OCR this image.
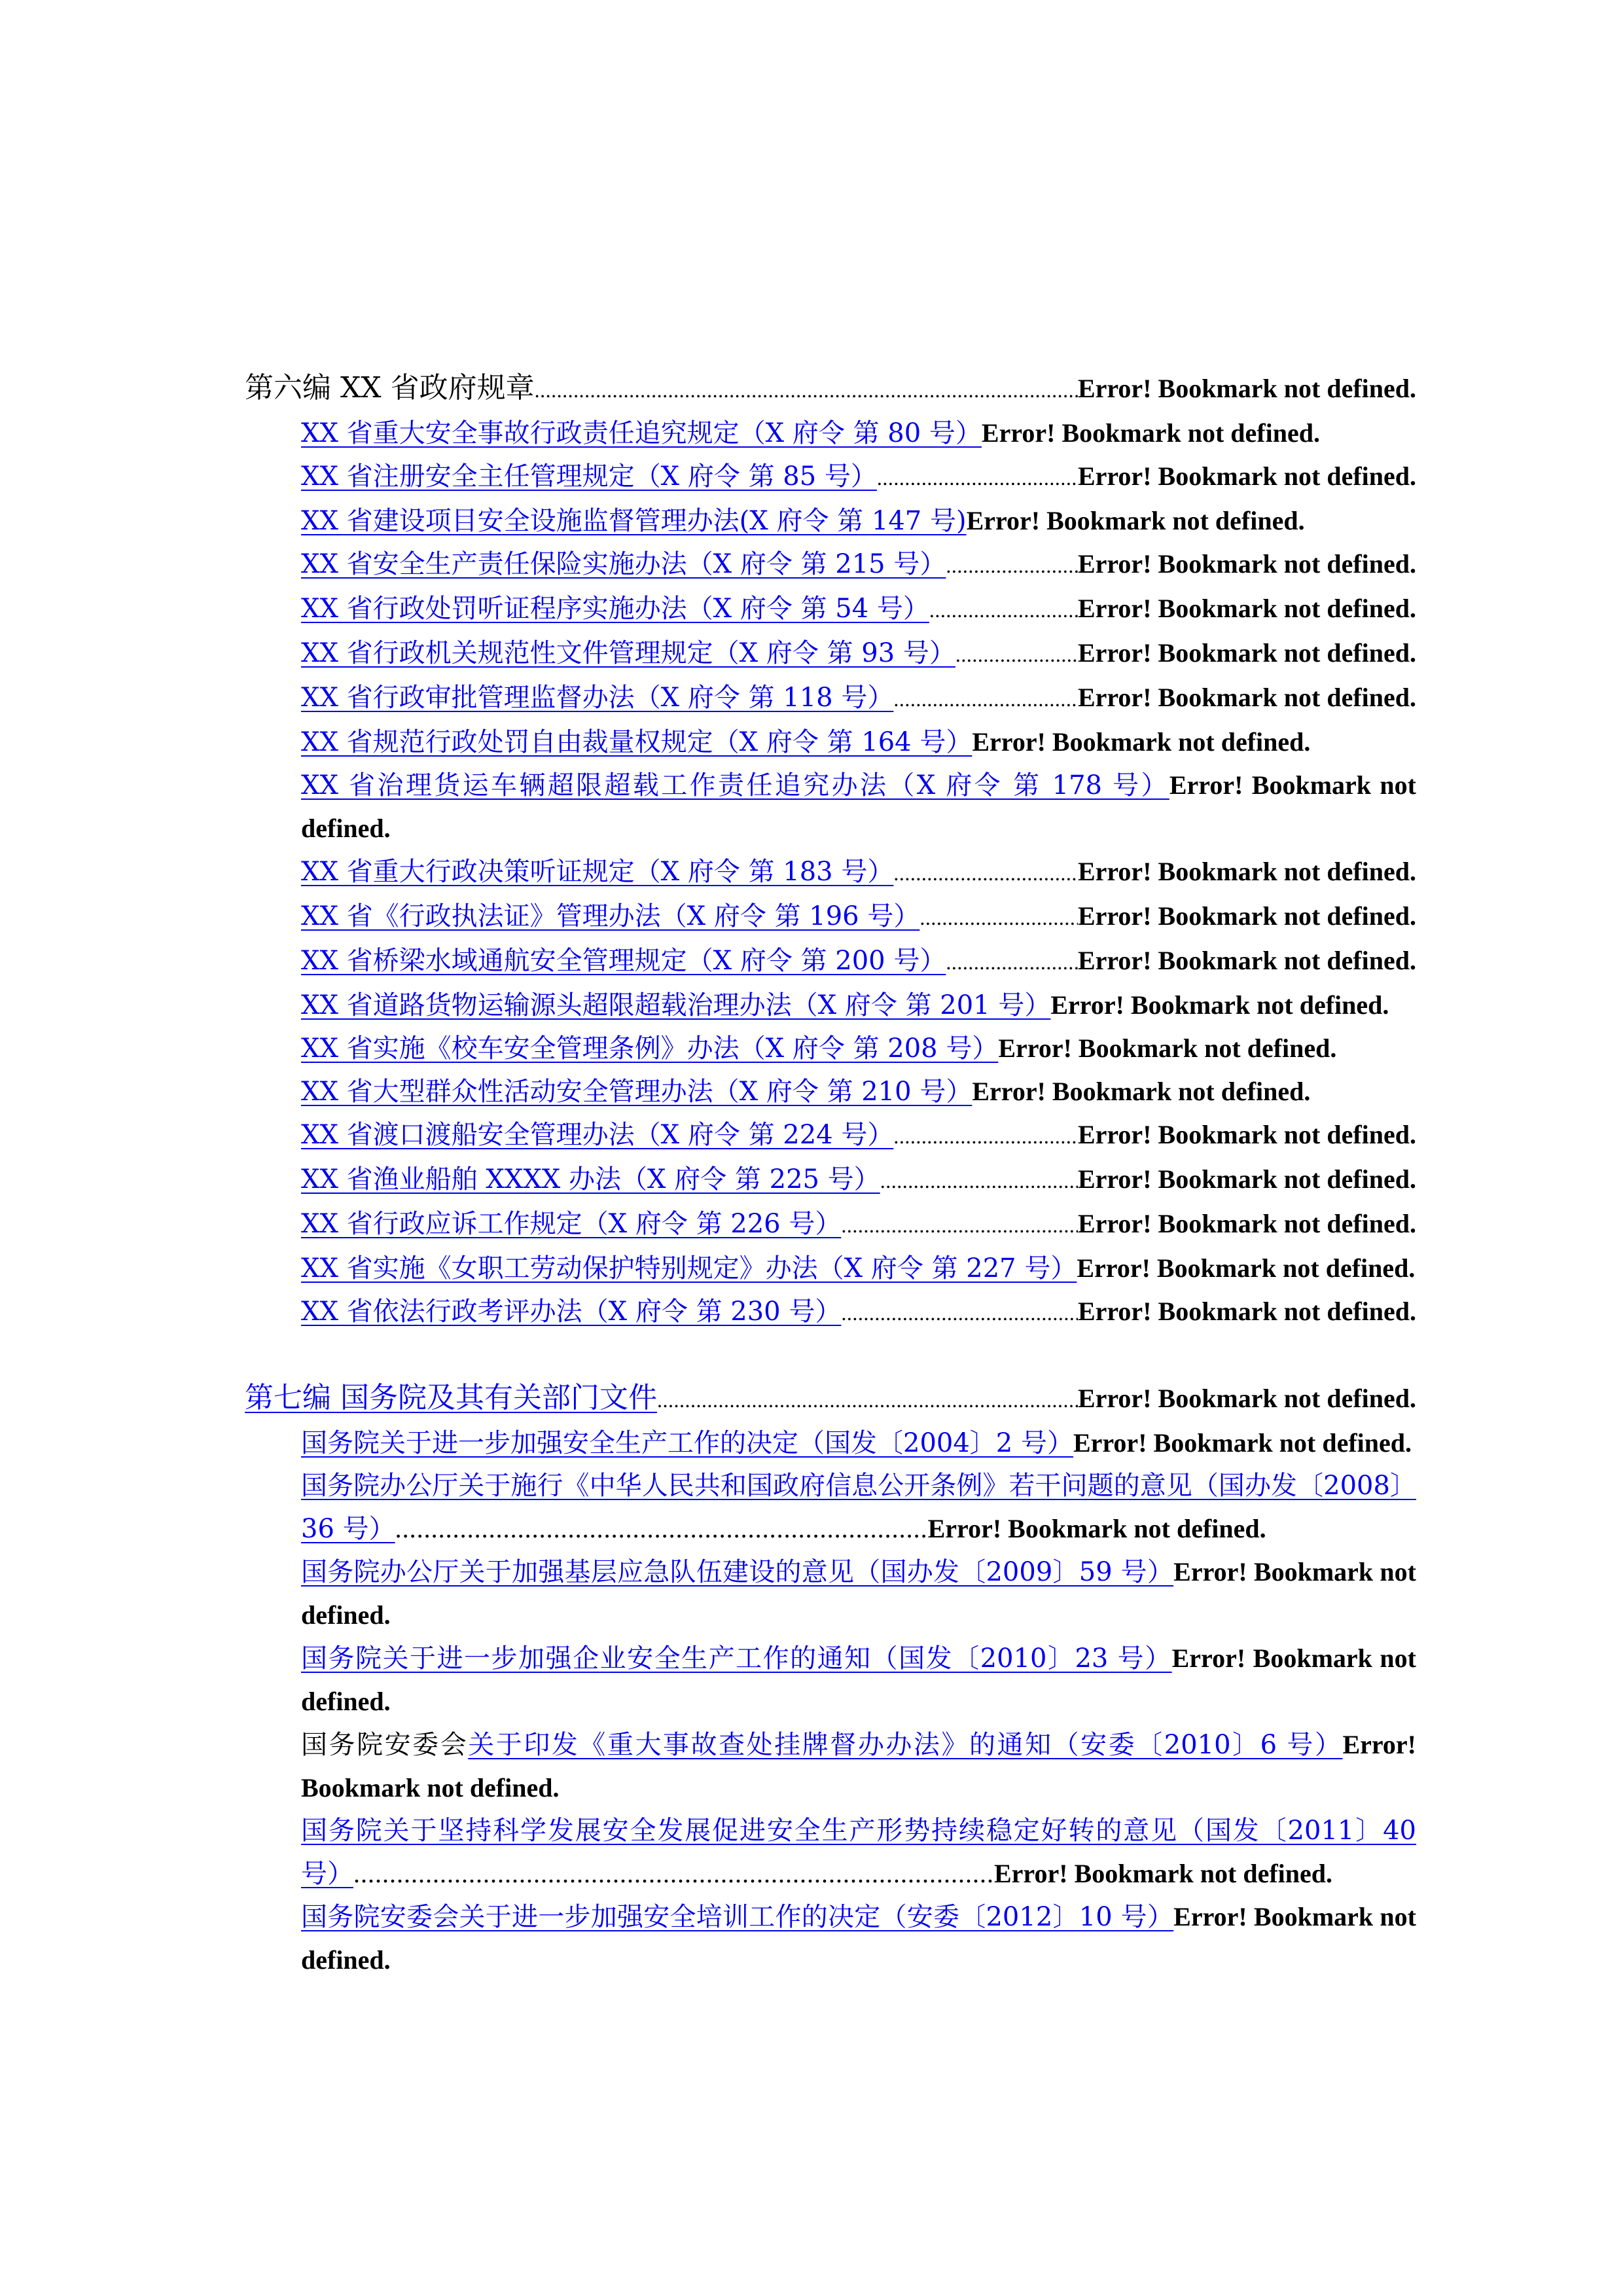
第六编 XX 省政府规章 .....	Error! Bookmark not defined.
XX 省重大安全事故行政责任追究规定（X 府令 第 80 号） Error! Bookmark not defined.
XX 省注册安全主任管理规定（X 府令 第 85 号） .....	Error! Bookmark not defined.
XX 省建设项目安全设施监督管理办法(X 府令 第 147 号) Error! Bookmark not defined.
XX 省安全生产责任保险实施办法（X 府令 第 215 号） .....	Error! Bookmark not defined.
XX 省行政处罚听证程序实施办法（X 府令 第 54 号） .....	Error! Bookmark not defined.
XX 省行政机关规范性文件管理规定（X 府令 第 93 号） .....	Error! Bookmark not defined.
XX 省行政审批管理监督办法（X 府令 第 118 号） .....	Error! Bookmark not defined.
XX 省规范行政处罚自由裁量权规定（X 府令 第 164 号） Error! Bookmark not defined.
XX 省治理货运车辆超限超载工作责任追究办法（X 府令 第 178 号）Error! Bookmark not defined.
XX 省重大行政决策听证规定（X 府令 第 183 号） .....	Error! Bookmark not defined.
XX 省《行政执法证》管理办法（X 府令 第 196 号） .....	Error! Bookmark not defined.
XX 省桥梁水域通航安全管理规定（X 府令 第 200 号） .....	Error! Bookmark not defined.
XX 省道路货物运输源头超限超载治理办法（X 府令 第 201 号）Error! Bookmark not defined.
XX 省实施《校车安全管理条例》办法（X 府令 第 208 号） Error! Bookmark not defined.
XX 省大型群众性活动安全管理办法（X 府令 第 210 号） Error! Bookmark not defined.
XX 省渡口渡船安全管理办法（X 府令 第 224 号） .....	Error! Bookmark not defined.
XX 省渔业船舶 XXXX 办法（X 府令 第 225 号） .....	Error! Bookmark not defined.
XX 省行政应诉工作规定（X 府令 第 226 号） .....	Error! Bookmark not defined.
XX 省实施《女职工劳动保护特别规定》办法（X 府令 第 227 号）Error! Bookmark not defined.
XX 省依法行政考评办法（X 府令 第 230 号） .....	Error! Bookmark not defined.
第七编 国务院及其有关部门文件 .....	Error! Bookmark not defined.
国务院关于进一步加强安全生产工作的决定（国发〔2004〕2 号）Error! Bookmark not defined.
国务院办公厅关于施行《中华人民共和国政府信息公开条例》若干问题的意见（国办发〔2008〕36 号）..........................................................................Error! Bookmark not defined.
国务院办公厅关于加强基层应急队伍建设的意见（国办发〔2009〕59 号）Error! Bookmark not defined.
国务院关于进一步加强企业安全生产工作的通知（国发〔2010〕23 号）Error! Bookmark not defined.
国务院安委会关于印发《重大事故查处挂牌督办办法》的通知（安委〔2010〕6 号）Error! Bookmark not defined.
国务院关于坚持科学发展安全发展促进安全生产形势持续稳定好转的意见（国发〔2011〕40 号）.........................................................................................Error! Bookmark not defined.
国务院安委会关于进一步加强安全培训工作的决定（安委〔2012〕10 号）Error! Bookmark not defined.
